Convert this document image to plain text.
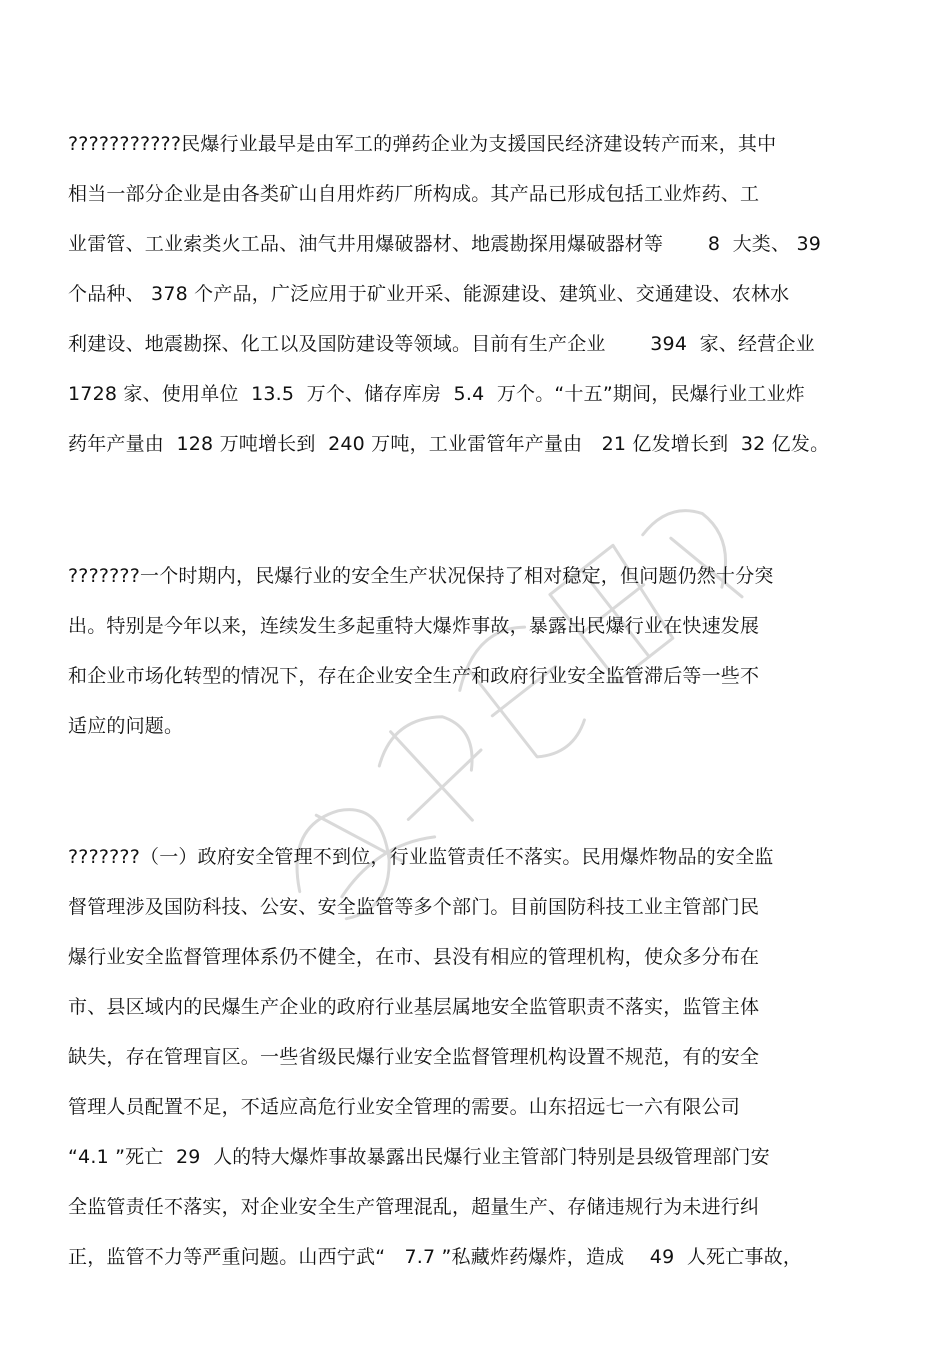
???????????民爆行业最早是由军工的弹药企业为支援国民经济建设转产而来，其中
相当一部分企业是由各类矿山自用炸药厂所构成。其产品已形成包括工业炸药、工
业雷管、工业索类火工品、油气井用爆破器材、地震勘探用爆破器材等　　 8  大类、 39
个品种、 378 个产品，广泛应用于矿业开采、能源建设、建筑业、交通建设、农林水
利建设、地震勘探、化工以及国防建设等领域。目前有生产企业　　 394  家、经营企业
1728 家、使用单位  13.5  万个、储存库房  5.4  万个。“十五”期间，民爆行业工业炸
药年产量由  128 万吨增长到  240 万吨，工业雷管年产量由　21 亿发增长到  32 亿发。
???????一个时期内，民爆行业的安全生产状况保持了相对稳定，但问题仍然十分突
出。特别是今年以来，连续发生多起重特大爆炸事故，暴露出民爆行业在快速发展
和企业市场化转型的情况下，存在企业安全生产和政府行业安全监管滞后等一些不
适应的问题。
???????（一）政府安全管理不到位，行业监管责任不落实。民用爆炸物品的安全监
督管理涉及国防科技、公安、安全监管等多个部门。目前国防科技工业主管部门民
爆行业安全监督管理体系仍不健全，在市、县没有相应的管理机构，使众多分布在
市、县区域内的民爆生产企业的政府行业基层属地安全监管职责不落实，监管主体
缺失，存在管理盲区。一些省级民爆行业安全监督管理机构设置不规范，有的安全
管理人员配置不足，不适应高危行业安全管理的需要。山东招远七一六有限公司
“4.1 ”死亡  29  人的特大爆炸事故暴露出民爆行业主管部门特别是县级管理部门安
全监管责任不落实，对企业安全生产管理混乱，超量生产、存储违规行为未进行纠
正，监管不力等严重问题。山西宁武“　7.7 ”私藏炸药爆炸，造成　 49  人死亡事故，
